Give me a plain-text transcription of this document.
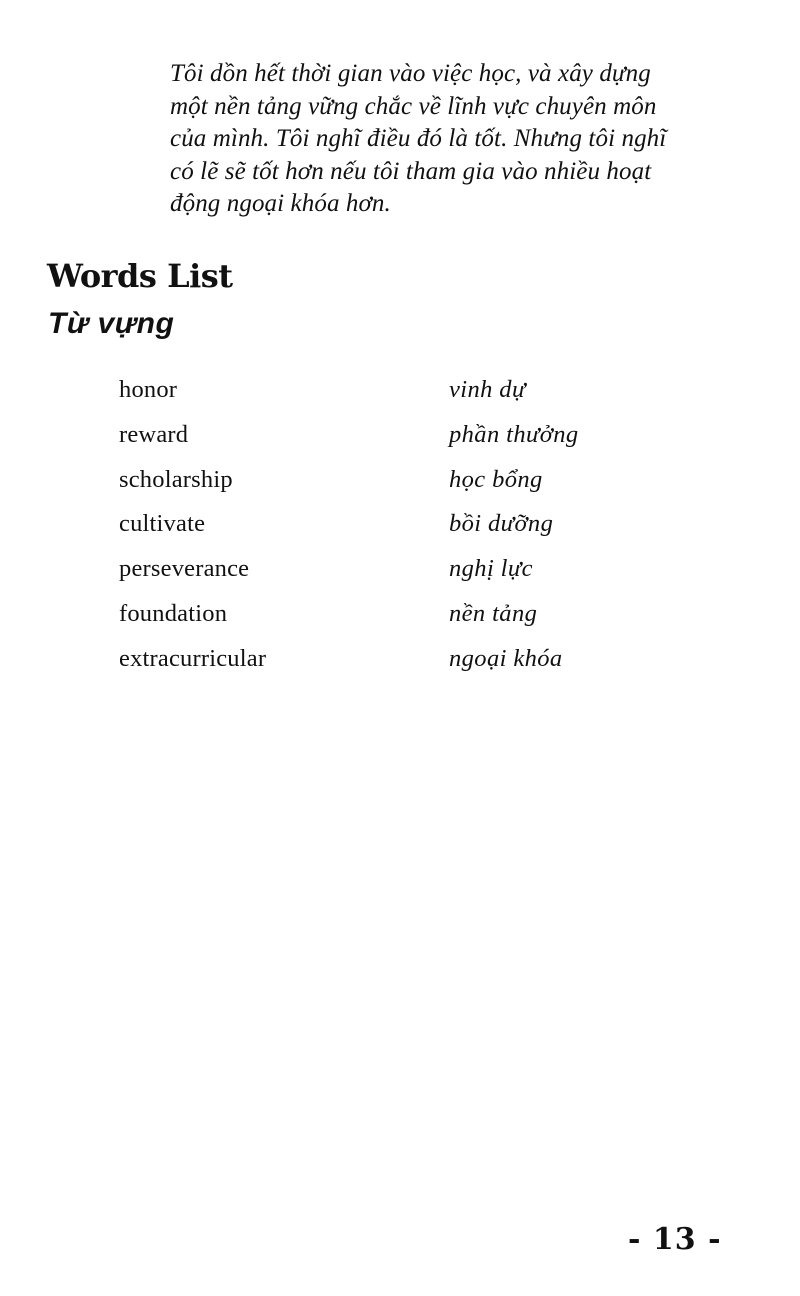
Tôi dồn hết thời gian vào việc học, và xây dựng
một nền tảng vững chắc về lĩnh vực chuyên môn
của mình. Tôi nghĩ điều đó là tốt. Nhưng tôi nghĩ
có lẽ sẽ tốt hơn nếu tôi tham gia vào nhiều hoạt
động ngoại khóa hơn.

Words List
Từ vựng
honor	vinh dự
reward	phần thưởng
scholarship	học bổng
cultivate	bồi dưỡng
perseverance	nghị lực
foundation	nền tảng
extracurricular	ngoại khóa

- 13 -
